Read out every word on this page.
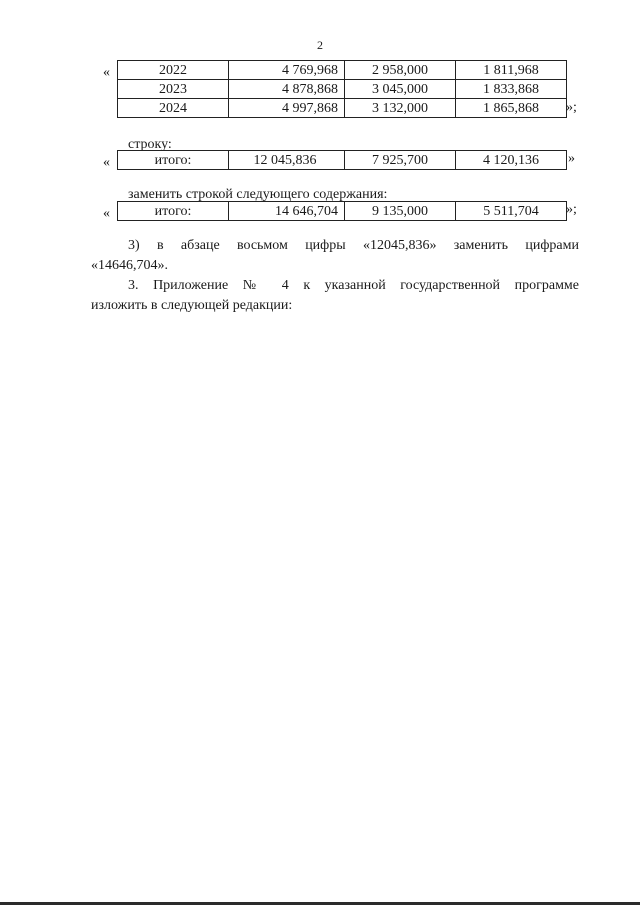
2
«	2022	4 769,968	2 958,000	1 811,968
2023	4 878,868	3 045,000	1 833,868
2024	4 997,868	3 132,000	1 865,868 »;
строку:
«	итого:	12 045,836	7 925,700	4 120,136 »
заменить строкой следующего содержания:
«	итого:	14 646,704	9 135,000	5 511,704 »;
3) в абзаце восьмом цифры «12045,836» заменить цифрами
«14646,704».
3. Приложение № 4 к указанной государственной программе
изложить в следующей редакции:
